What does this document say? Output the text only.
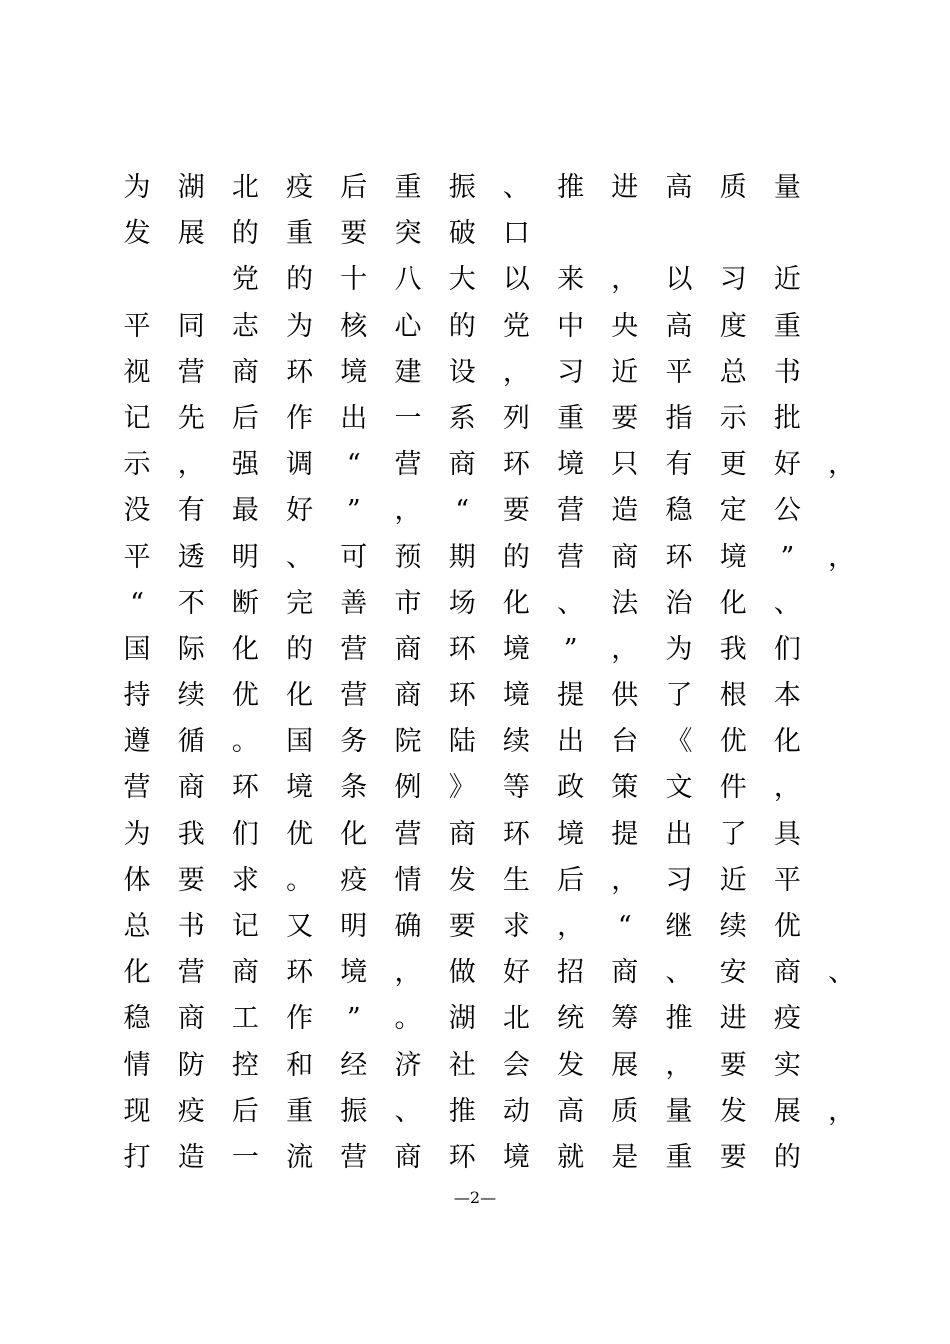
为 湖 北 疫 后 重 振 、 推 进 高 质 量
发 展 的 重 要 突 破 口
党 的 十 八 大 以 来 ， 以 习 近
平 同 志 为 核 心 的 党 中 央 高 度 重
视 营 商 环 境 建 设 ， 习 近 平 总 书
记 先 后 作 出 一 系 列 重 要 指 示 批
示 ， 强 调 “ 营 商 环 境 只 有 更 好 ，
没 有 最 好 ” ， “ 要 营 造 稳 定 公
平 透 明 、 可 预 期 的 营 商 环 境 ” ，
“ 不 断 完 善 市 场 化 、 法 治 化 、
国 际 化 的 营 商 环 境 ” ， 为 我 们
持 续 优 化 营 商 环 境 提 供 了 根 本
遵 循 。 国 务 院 陆 续 出 台 《 优 化
营 商 环 境 条 例 》 等 政 策 文 件 ，
为 我 们 优 化 营 商 环 境 提 出 了 具
体 要 求 。 疫 情 发 生 后 ， 习 近 平
总 书 记 又 明 确 要 求 ， “ 继 续 优
化 营 商 环 境 ， 做 好 招 商 、 安 商 、
稳 商 工 作 ” 。 湖 北 统 筹 推 进 疫
情 防 控 和 经 济 社 会 发 展 ， 要 实
现 疫 后 重 振 、 推 动 高 质 量 发 展 ，
打 造 一 流 营 商 环 境 就 是 重 要 的
—2—
